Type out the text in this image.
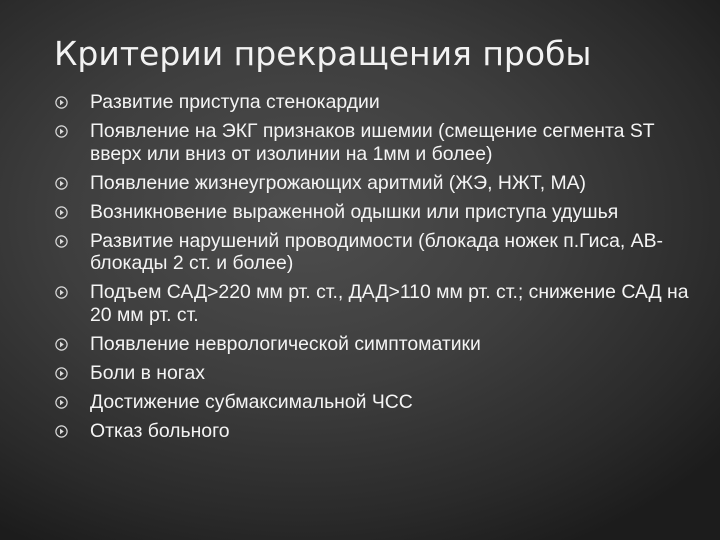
Критерии прекращения пробы
Развитие приступа стенокардии
Появление на ЭКГ признаков ишемии (смещение сегмента ST вверх или вниз от изолинии на 1мм и более)
Появление жизнеугрожающих аритмий (ЖЭ, НЖТ, МА)
Возникновение выраженной одышки или приступа удушья
Развитие нарушений проводимости (блокада ножек п.Гиса, АВ-блокады 2 ст. и более)
Подъем САД>220 мм рт. ст., ДАД>110 мм рт. ст.; снижение САД на 20 мм рт. ст.
Появление неврологической симптоматики
Боли в ногах
Достижение субмаксимальной ЧСС
Отказ больного
